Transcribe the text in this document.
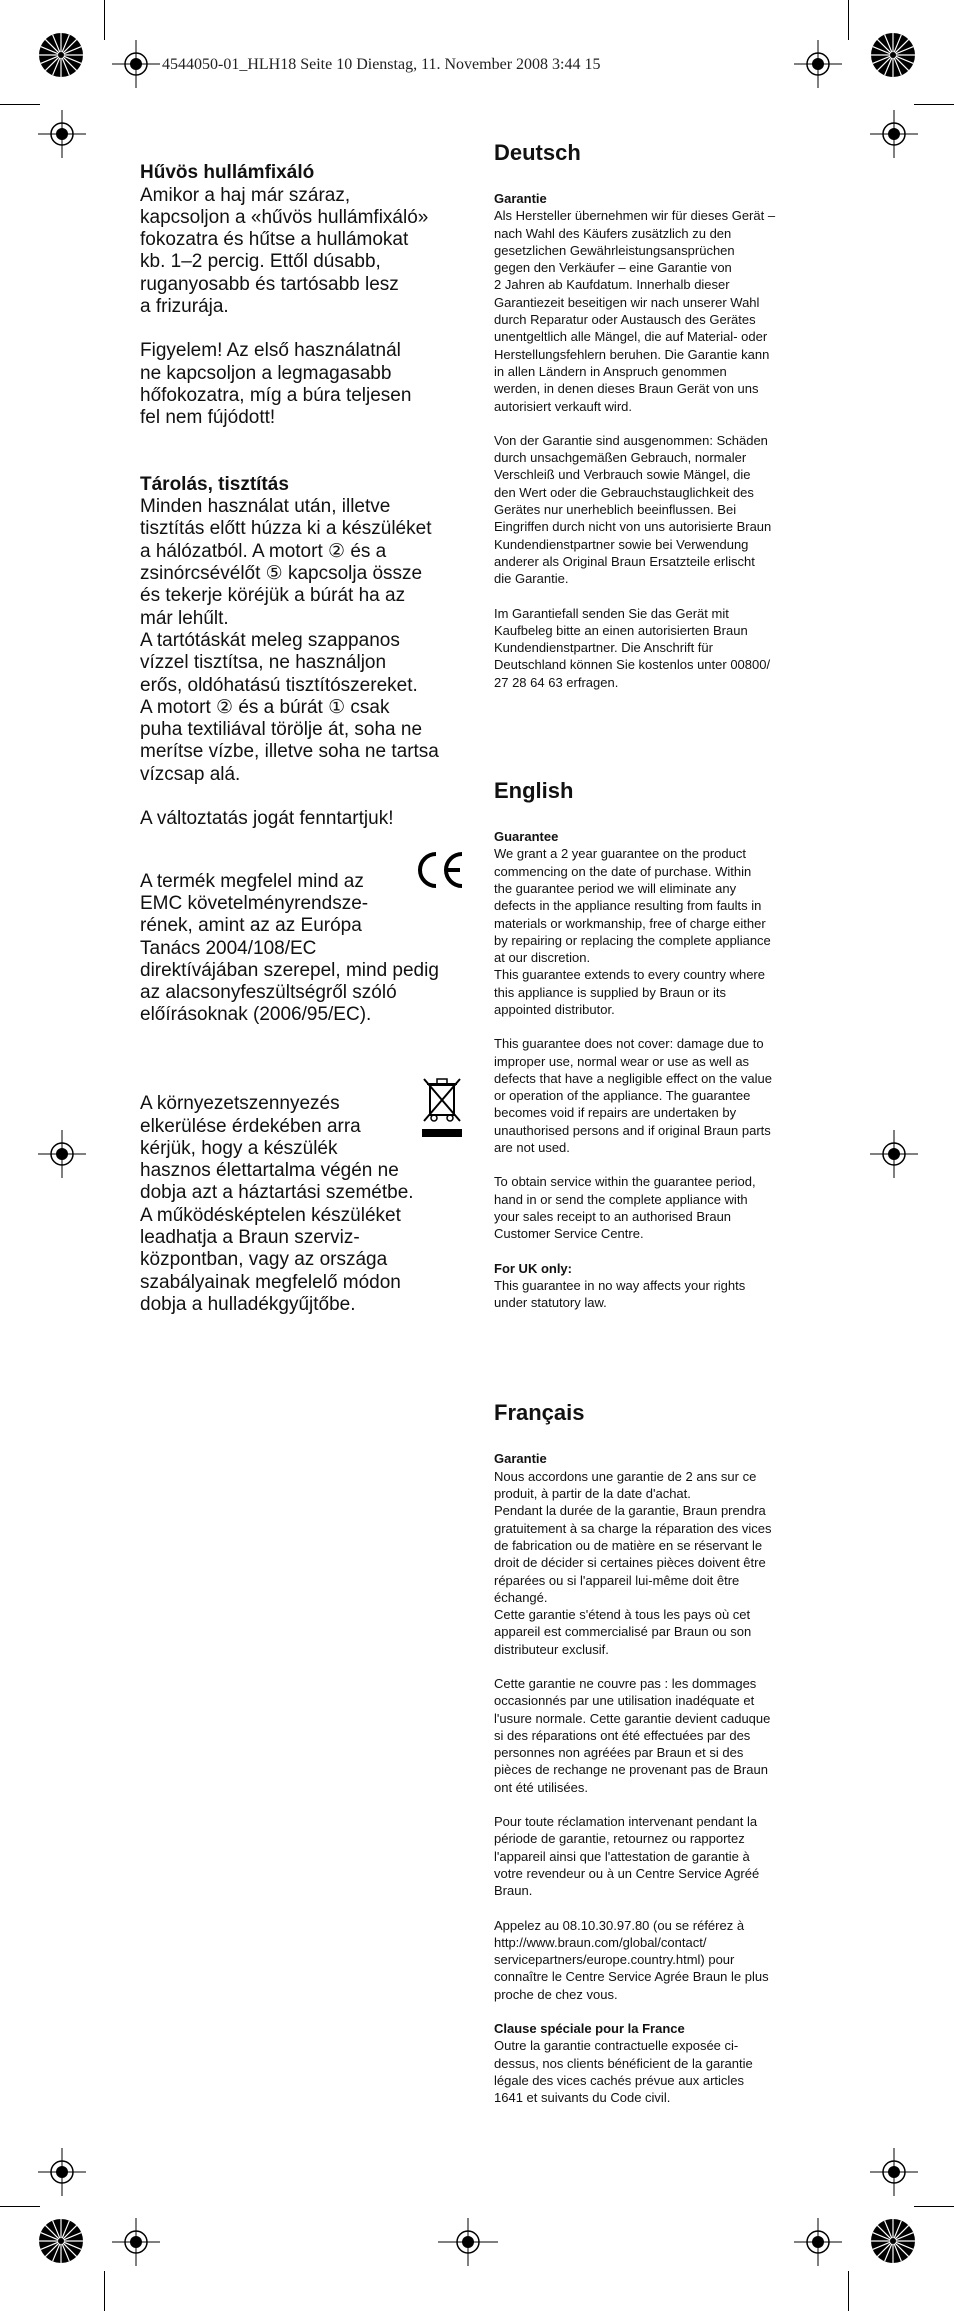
4544050-01_HLH18 Seite 10 Dienstag, 11. November 2008 3:44 15

Hűvös hullámfixáló
Amikor a haj már száraz,
kapcsoljon a «hűvös hullámfixáló»
fokozatra és hűtse a hullámokat
kb. 1–2 percig. Ettől dúsabb,
ruganyosabb és tartósabb lesz
a frizurája.

Figyelem! Az első használatnál
ne kapcsoljon a legmagasabb
hőfokozatra, míg a búra teljesen
fel nem fújódott!

Tárolás, tisztítás
Minden használat után, illetve
tisztítás előtt húzza ki a készüléket
a hálózatból. A motort ② és a
zsinórcsévélőt ⑤ kapcsolja össze
és tekerje köréjük a búrát ha az
már lehűlt.
A tartótáskát meleg szappanos
vízzel tisztítsa, ne használjon
erős, oldóhatású tisztítószereket.
A motort ② és a búrát ① csak
puha textiliával törölje át, soha ne
merítse vízbe, illetve soha ne tartsa
vízcsap alá.

A változtatás jogát fenntartjuk!

A termék megfelel mind az
EMC követelményrendsze-
rének, amint az az Európa
Tanács 2004/108/EC
direktívájában szerepel, mind pedig
az alacsonyfeszültségről szóló
előírásoknak (2006/95/EC).

A környezetszennyezés
elkerülése érdekében arra
kérjük, hogy a készülék
hasznos élettartalma végén ne
dobja azt a háztartási szemétbe.
A működésképtelen készüléket
leadhatja a Braun szerviz-
központban, vagy az országa
szabályainak megfelelő módon
dobja a hulladékgyűjtőbe.

Deutsch
Garantie
Als Hersteller übernehmen wir für dieses Gerät –
nach Wahl des Käufers zusätzlich zu den
gesetzlichen Gewährleistungsansprüchen
gegen den Verkäufer – eine Garantie von
2 Jahren ab Kaufdatum. Innerhalb dieser
Garantiezeit beseitigen wir nach unserer Wahl
durch Reparatur oder Austausch des Gerätes
unentgeltlich alle Mängel, die auf Material- oder
Herstellungsfehlern beruhen. Die Garantie kann
in allen Ländern in Anspruch genommen
werden, in denen dieses Braun Gerät von uns
autorisiert verkauft wird.
Von der Garantie sind ausgenommen: Schäden
durch unsachgemäßen Gebrauch, normaler
Verschleiß und Verbrauch sowie Mängel, die
den Wert oder die Gebrauchstauglichkeit des
Gerätes nur unerheblich beeinflussen. Bei
Eingriffen durch nicht von uns autorisierte Braun
Kundendienstpartner sowie bei Verwendung
anderer als Original Braun Ersatzteile erlischt
die Garantie.
Im Garantiefall senden Sie das Gerät mit
Kaufbeleg bitte an einen autorisierten Braun
Kundendienstpartner. Die Anschrift für
Deutschland können Sie kostenlos unter 00800/
27 28 64 63 erfragen.
English
Guarantee
We grant a 2 year guarantee on the product
commencing on the date of purchase. Within
the guarantee period we will eliminate any
defects in the appliance resulting from faults in
materials or workmanship, free of charge either
by repairing or replacing the complete appliance
at our discretion.
This guarantee extends to every country where
this appliance is supplied by Braun or its
appointed distributor.
This guarantee does not cover: damage due to
improper use, normal wear or use as well as
defects that have a negligible effect on the value
or operation of the appliance. The guarantee
becomes void if repairs are undertaken by
unauthorised persons and if original Braun parts
are not used.
To obtain service within the guarantee period,
hand in or send the complete appliance with
your sales receipt to an authorised Braun
Customer Service Centre.
For UK only:
This guarantee in no way affects your rights
under statutory law.
Français
Garantie
Nous accordons une garantie de 2 ans sur ce
produit, à partir de la date d'achat.
Pendant la durée de la garantie, Braun prendra
gratuitement à sa charge la réparation des vices
de fabrication ou de matière en se réservant le
droit de décider si certaines pièces doivent être
réparées ou si l'appareil lui-même doit être
échangé.
Cette garantie s'étend à tous les pays où cet
appareil est commercialisé par Braun ou son
distributeur exclusif.
Cette garantie ne couvre pas : les dommages
occasionnés par une utilisation inadéquate et
l'usure normale. Cette garantie devient caduque
si des réparations ont été effectuées par des
personnes non agréées par Braun et si des
pièces de rechange ne provenant pas de Braun
ont été utilisées.
Pour toute réclamation intervenant pendant la
période de garantie, retournez ou rapportez
l'appareil ainsi que l'attestation de garantie à
votre revendeur ou à un Centre Service Agréé
Braun.
Appelez au 08.10.30.97.80 (ou se référez à
http://www.braun.com/global/contact/
servicepartners/europe.country.html) pour
connaître le Centre Service Agrée Braun le plus
proche de chez vous.
Clause spéciale pour la France
Outre la garantie contractuelle exposée ci-
dessus, nos clients bénéficient de la garantie
légale des vices cachés prévue aux articles
1641 et suivants du Code civil.
